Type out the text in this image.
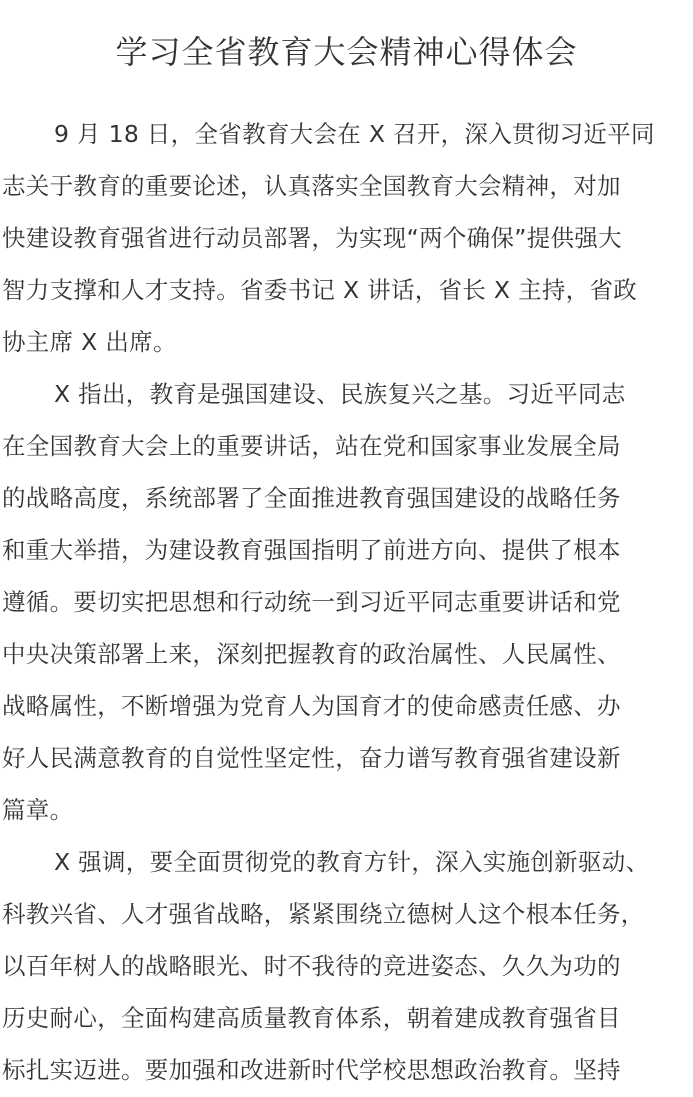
学习全省教育大会精神心得体会
9 月 18 日，全省教育大会在 X 召开，深入贯彻习近平同
志关于教育的重要论述，认真落实全国教育大会精神，对加
快建设教育强省进行动员部署，为实现“两个确保”提供强大
智力支撑和人才支持。省委书记 X 讲话，省长 X 主持，省政
协主席 X 出席。
X 指出，教育是强国建设、民族复兴之基。习近平同志
在全国教育大会上的重要讲话，站在党和国家事业发展全局
的战略高度，系统部署了全面推进教育强国建设的战略任务
和重大举措，为建设教育强国指明了前进方向、提供了根本
遵循。要切实把思想和行动统一到习近平同志重要讲话和党
中央决策部署上来，深刻把握教育的政治属性、人民属性、
战略属性，不断增强为党育人为国育才的使命感责任感、办
好人民满意教育的自觉性坚定性，奋力谱写教育强省建设新
篇章。
X 强调，要全面贯彻党的教育方针，深入实施创新驱动、
科教兴省、人才强省战略，紧紧围绕立德树人这个根本任务，
以百年树人的战略眼光、时不我待的竞进姿态、久久为功的
历史耐心，全面构建高质量教育体系，朝着建成教育强省目
标扎实迈进。要加强和改进新时代学校思想政治教育。坚持
